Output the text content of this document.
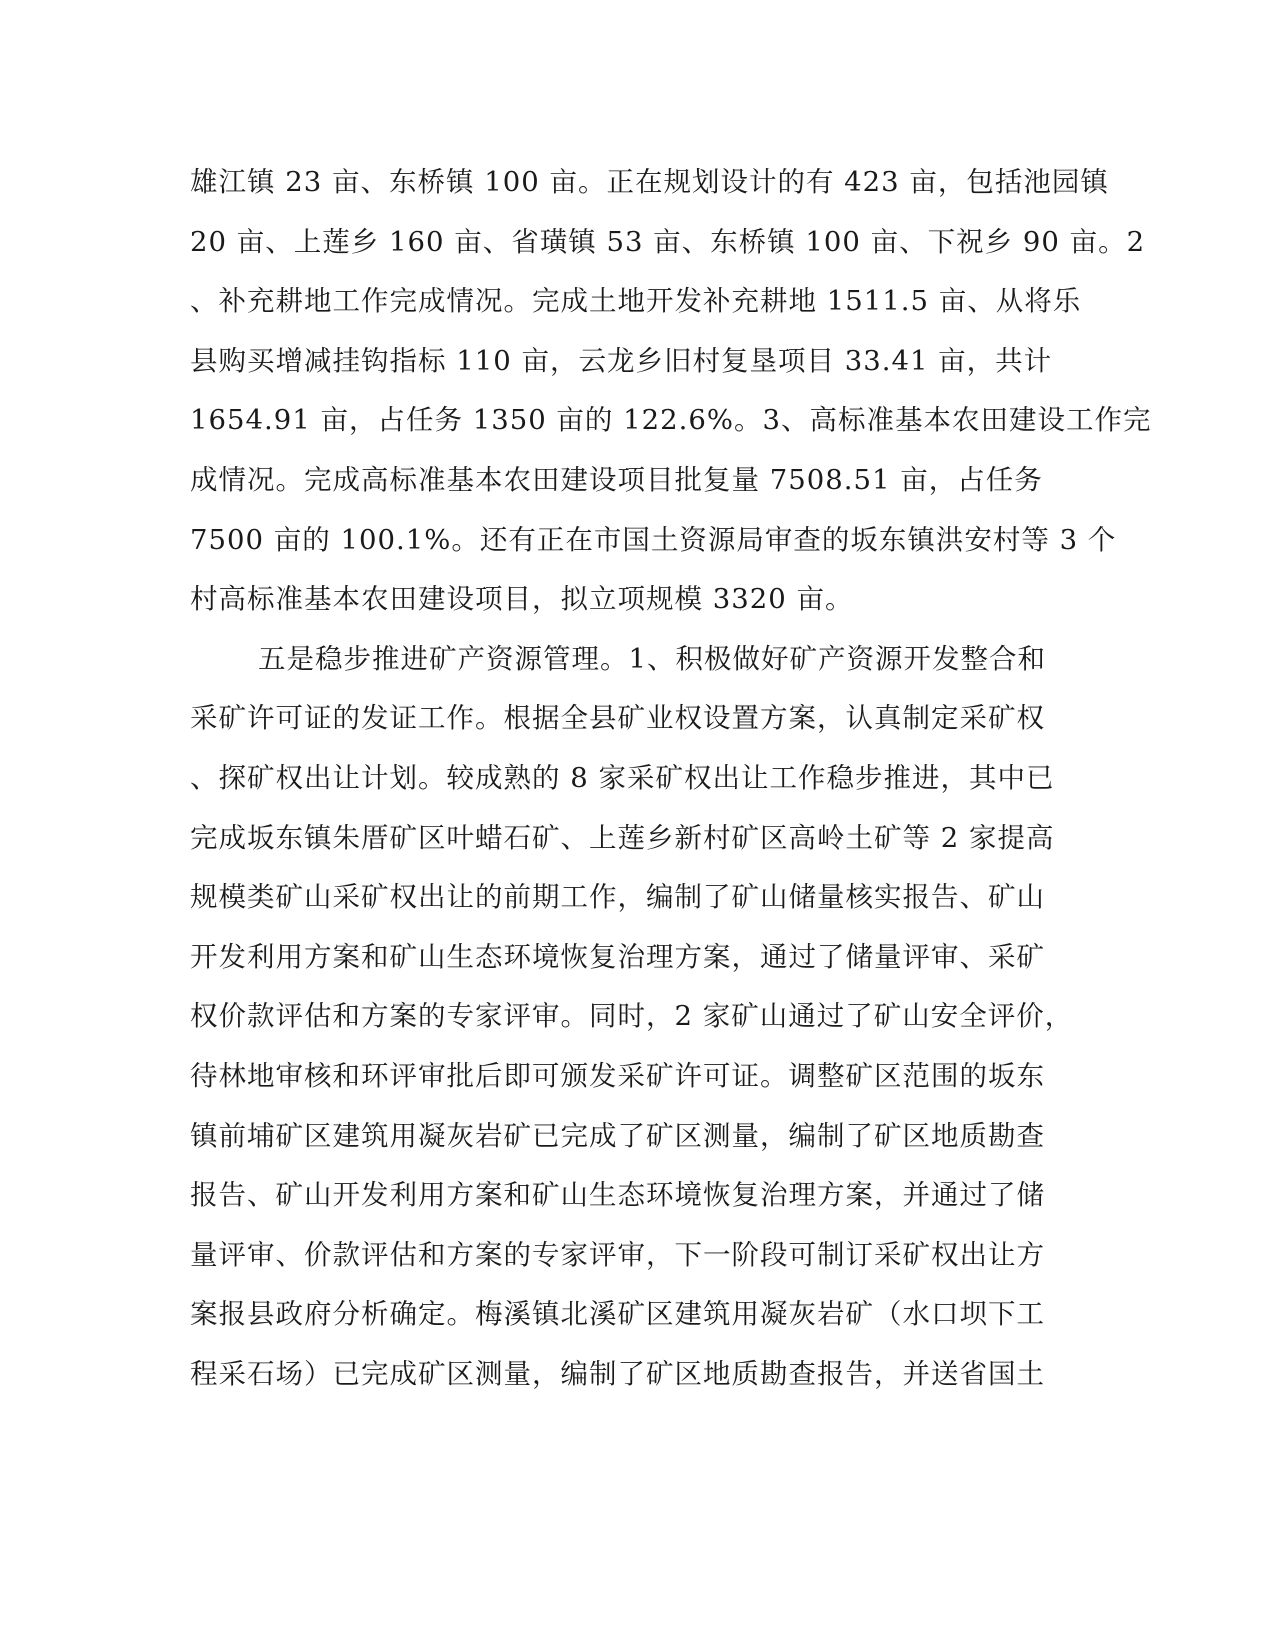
雄江镇 23 亩、东桥镇 100 亩。正在规划设计的有 423 亩，包括池园镇
20 亩、上莲乡 160 亩、省璜镇 53 亩、东桥镇 100 亩、下祝乡 90 亩。2
、补充耕地工作完成情况。完成土地开发补充耕地 1511.5 亩、从将乐
县购买增减挂钩指标 110 亩，云龙乡旧村复垦项目 33.41 亩，共计
1654.91 亩，占任务 1350 亩的 122.6%。3、高标准基本农田建设工作完
成情况。完成高标准基本农田建设项目批复量 7508.51 亩，占任务
7500 亩的 100.1%。还有正在市国土资源局审查的坂东镇洪安村等 3 个
村高标准基本农田建设项目，拟立项规模 3320 亩。
五是稳步推进矿产资源管理。1、积极做好矿产资源开发整合和
采矿许可证的发证工作。根据全县矿业权设置方案，认真制定采矿权
、探矿权出让计划。较成熟的 8 家采矿权出让工作稳步推进，其中已
完成坂东镇朱厝矿区叶蜡石矿、上莲乡新村矿区高岭土矿等 2 家提高
规模类矿山采矿权出让的前期工作，编制了矿山储量核实报告、矿山
开发利用方案和矿山生态环境恢复治理方案，通过了储量评审、采矿
权价款评估和方案的专家评审。同时，2 家矿山通过了矿山安全评价，
待林地审核和环评审批后即可颁发采矿许可证。调整矿区范围的坂东
镇前埔矿区建筑用凝灰岩矿已完成了矿区测量，编制了矿区地质勘查
报告、矿山开发利用方案和矿山生态环境恢复治理方案，并通过了储
量评审、价款评估和方案的专家评审，下一阶段可制订采矿权出让方
案报县政府分析确定。梅溪镇北溪矿区建筑用凝灰岩矿（水口坝下工
程采石场）已完成矿区测量，编制了矿区地质勘查报告，并送省国土
